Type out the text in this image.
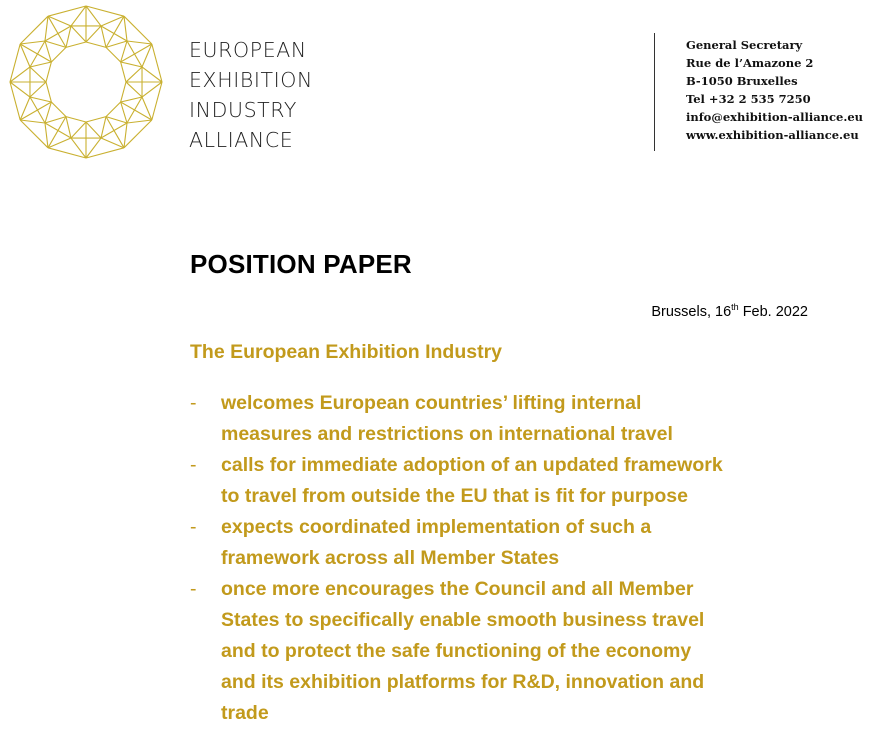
EUROPEAN
EXHIBITION
INDUSTRY
ALLIANCE
General Secretary
Rue de l’Amazone 2
B-1050 Bruxelles
Tel +32 2 535 7250
info@exhibition-alliance.eu
www.exhibition-alliance.eu
POSITION PAPER
Brussels, 16th Feb. 2022
The European Exhibition Industry
- welcomes European countries’ lifting internal
measures and restrictions on international travel
- calls for immediate adoption of an updated framework
to travel from outside the EU that is fit for purpose
- expects coordinated implementation of such a
framework across all Member States
- once more encourages the Council and all Member
States to specifically enable smooth business travel
and to protect the safe functioning of the economy
and its exhibition platforms for R&D, innovation and
trade
